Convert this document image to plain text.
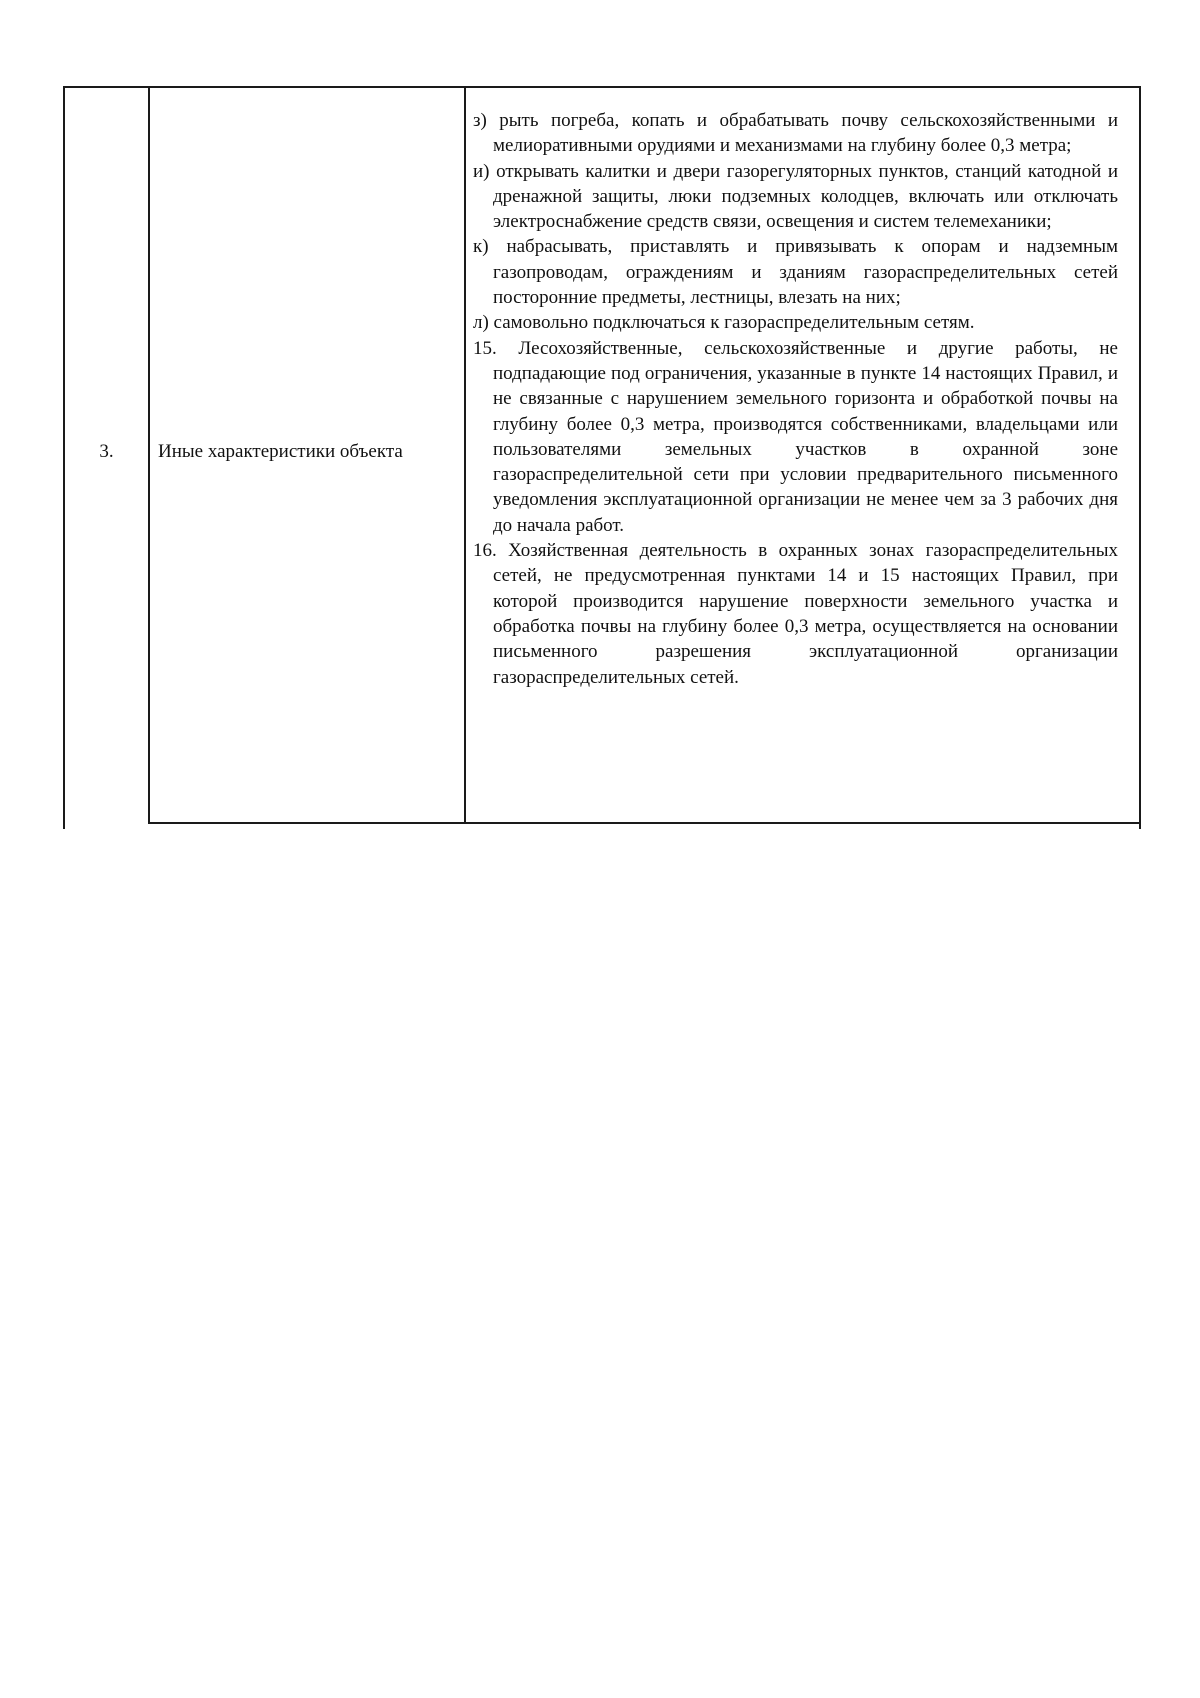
3.	Иные характеристики объекта

з) рыть погреба, копать и обрабатывать почву сельскохозяйственными и мелиоративными орудиями и механизмами на глубину более 0,3 метра;

и) открывать калитки и двери газорегуляторных пунктов, станций катодной и дренажной защиты, люки подземных колодцев, включать или отключать электроснабжение средств связи, освещения и систем телемеханики;

к) набрасывать, приставлять и привязывать к опорам и надземным газопроводам, ограждениям и зданиям газораспределительных сетей посторонние предметы, лестницы, влезать на них;

л) самовольно подключаться к газораспределительным сетям.

15. Лесохозяйственные, сельскохозяйственные и другие работы, не подпадающие под ограничения, указанные в пункте 14 настоящих Правил, и не связанные с нарушением земельного горизонта и обработкой почвы на глубину более 0,3 метра, производятся собственниками, владельцами или пользователями земельных участков в охранной зоне газораспределительной сети при условии предварительного письменного уведомления эксплуатационной организации не менее чем за 3 рабочих дня до начала работ.

16. Хозяйственная деятельность в охранных зонах газораспределительных сетей, не предусмотренная пунктами 14 и 15 настоящих Правил, при которой производится нарушение поверхности земельного участка и обработка почвы на глубину более 0,3 метра, осуществляется на основании письменного разрешения эксплуатационной организации газораспределительных сетей.
